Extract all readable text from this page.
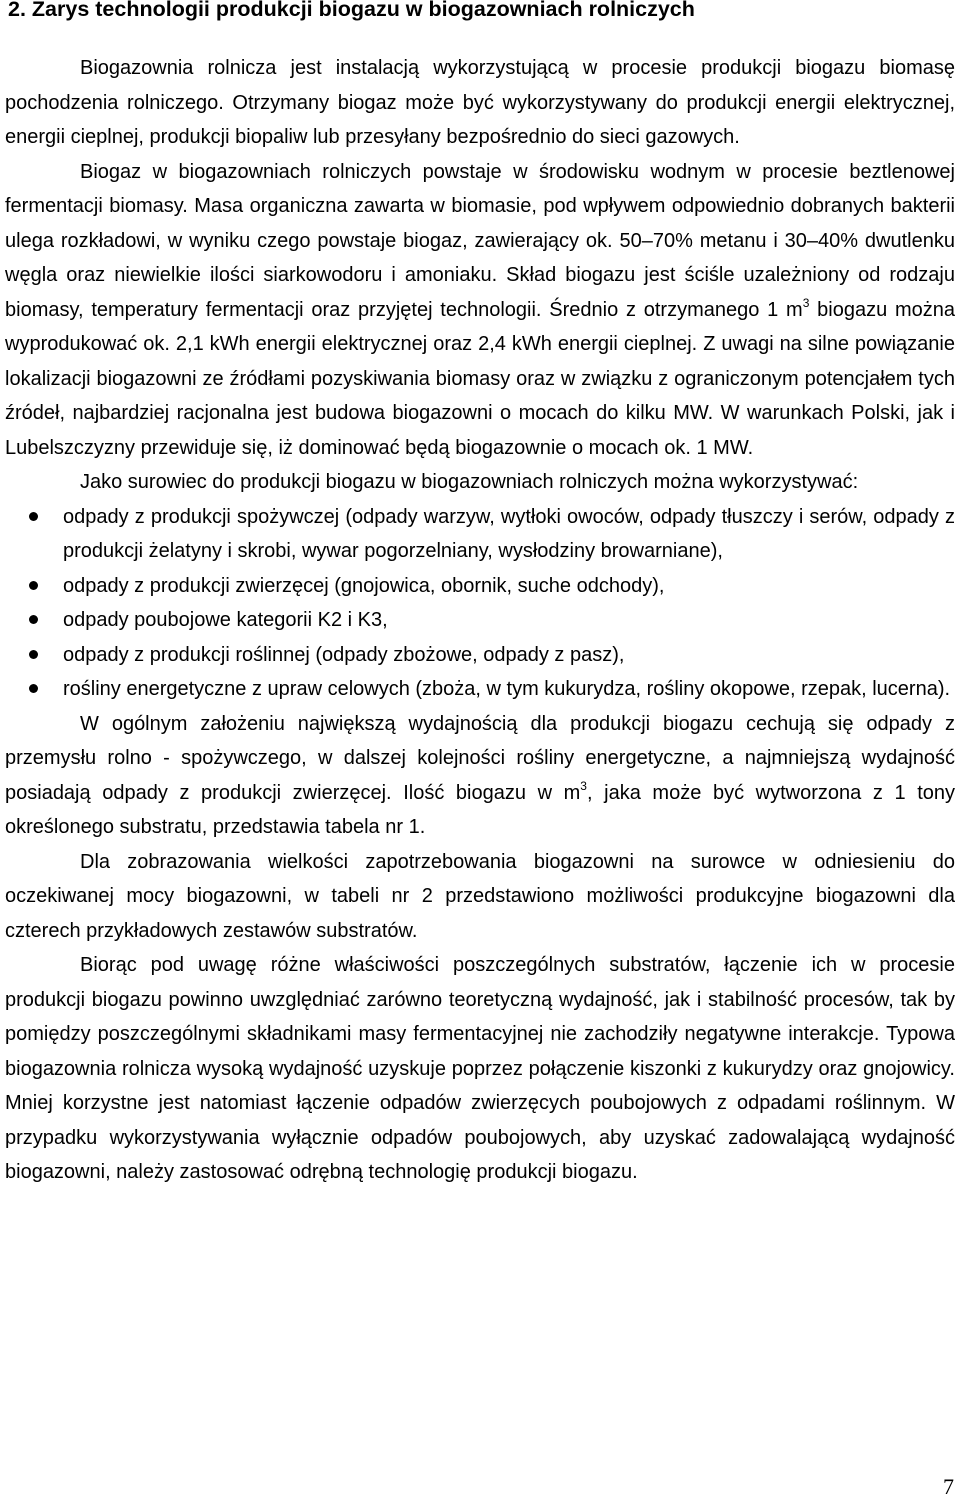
2. Zarys technologii produkcji biogazu w biogazowniach rolniczych

Biogazownia rolnicza jest instalacją wykorzystującą w procesie produkcji biogazu biomasę pochodzenia rolniczego. Otrzymany biogaz może być wykorzystywany do produkcji energii elektrycznej, energii cieplnej, produkcji biopaliw lub przesyłany bezpośrednio do sieci gazowych.

Biogaz w biogazowniach rolniczych powstaje w środowisku wodnym w procesie beztlenowej fermentacji biomasy. Masa organiczna zawarta w biomasie, pod wpływem odpowiednio dobranych bakterii ulega rozkładowi, w wyniku czego powstaje biogaz, zawierający ok. 50–70% metanu i 30–40% dwutlenku węgla oraz niewielkie ilości siarkowodoru i amoniaku. Skład biogazu jest ściśle uzależniony od rodzaju biomasy, temperatury fermentacji oraz przyjętej technologii. Średnio z otrzymanego 1 $m^3$ biogazu można wyprodukować ok. 2,1 kWh energii elektrycznej oraz 2,4 kWh energii cieplnej. Z uwagi na silne powiązanie lokalizacji biogazowni ze źródłami pozyskiwania biomasy oraz w związku z ograniczonym potencjałem tych źródeł, najbardziej racjonalna jest budowa biogazowni o mocach do kilku MW. W warunkach Polski, jak i Lubelszczyzny przewiduje się, iż dominować będą biogazownie o mocach ok. 1 MW.

Jako surowiec do produkcji biogazu w biogazowniach rolniczych można wykorzystywać:

odpady z produkcji spożywczej (odpady warzyw, wytłoki owoców, odpady tłuszczy i serów, odpady z produkcji żelatyny i skrobi, wywar pogorzelniany, wysłodziny browarniane),
odpady z produkcji zwierzęcej (gnojowica, obornik, suche odchody),
odpady poubojowe kategorii K2 i K3,
odpady z produkcji roślinnej (odpady zbożowe, odpady z pasz),
rośliny energetyczne z upraw celowych (zboża, w tym kukurydza, rośliny okopowe, rzepak, lucerna).

W ogólnym założeniu największą wydajnością dla produkcji biogazu cechują się odpady z przemysłu rolno - spożywczego, w dalszej kolejności rośliny energetyczne, a najmniejszą wydajność posiadają odpady z produkcji zwierzęcej. Ilość biogazu w $m^3$, jaka może być wytworzona z 1 tony określonego substratu, przedstawia tabela nr 1.

Dla zobrazowania wielkości zapotrzebowania biogazowni na surowce w odniesieniu do oczekiwanej mocy biogazowni, w tabeli nr 2 przedstawiono możliwości produkcyjne biogazowni dla czterech przykładowych zestawów substratów.

Biorąc pod uwagę różne właściwości poszczególnych substratów, łączenie ich w procesie produkcji biogazu powinno uwzględniać zarówno teoretyczną wydajność, jak i stabilność procesów, tak by pomiędzy poszczególnymi składnikami masy fermentacyjnej nie zachodziły negatywne interakcje. Typowa biogazownia rolnicza wysoką wydajność uzyskuje poprzez połączenie kiszonki z kukurydzy oraz gnojowicy. Mniej korzystne jest natomiast łączenie odpadów zwierzęcych poubojowych z odpadami roślinnym. W przypadku wykorzystywania wyłącznie odpadów poubojowych, aby uzyskać zadowalającą wydajność biogazowni, należy zastosować odrębną technologię produkcji biogazu.

7
